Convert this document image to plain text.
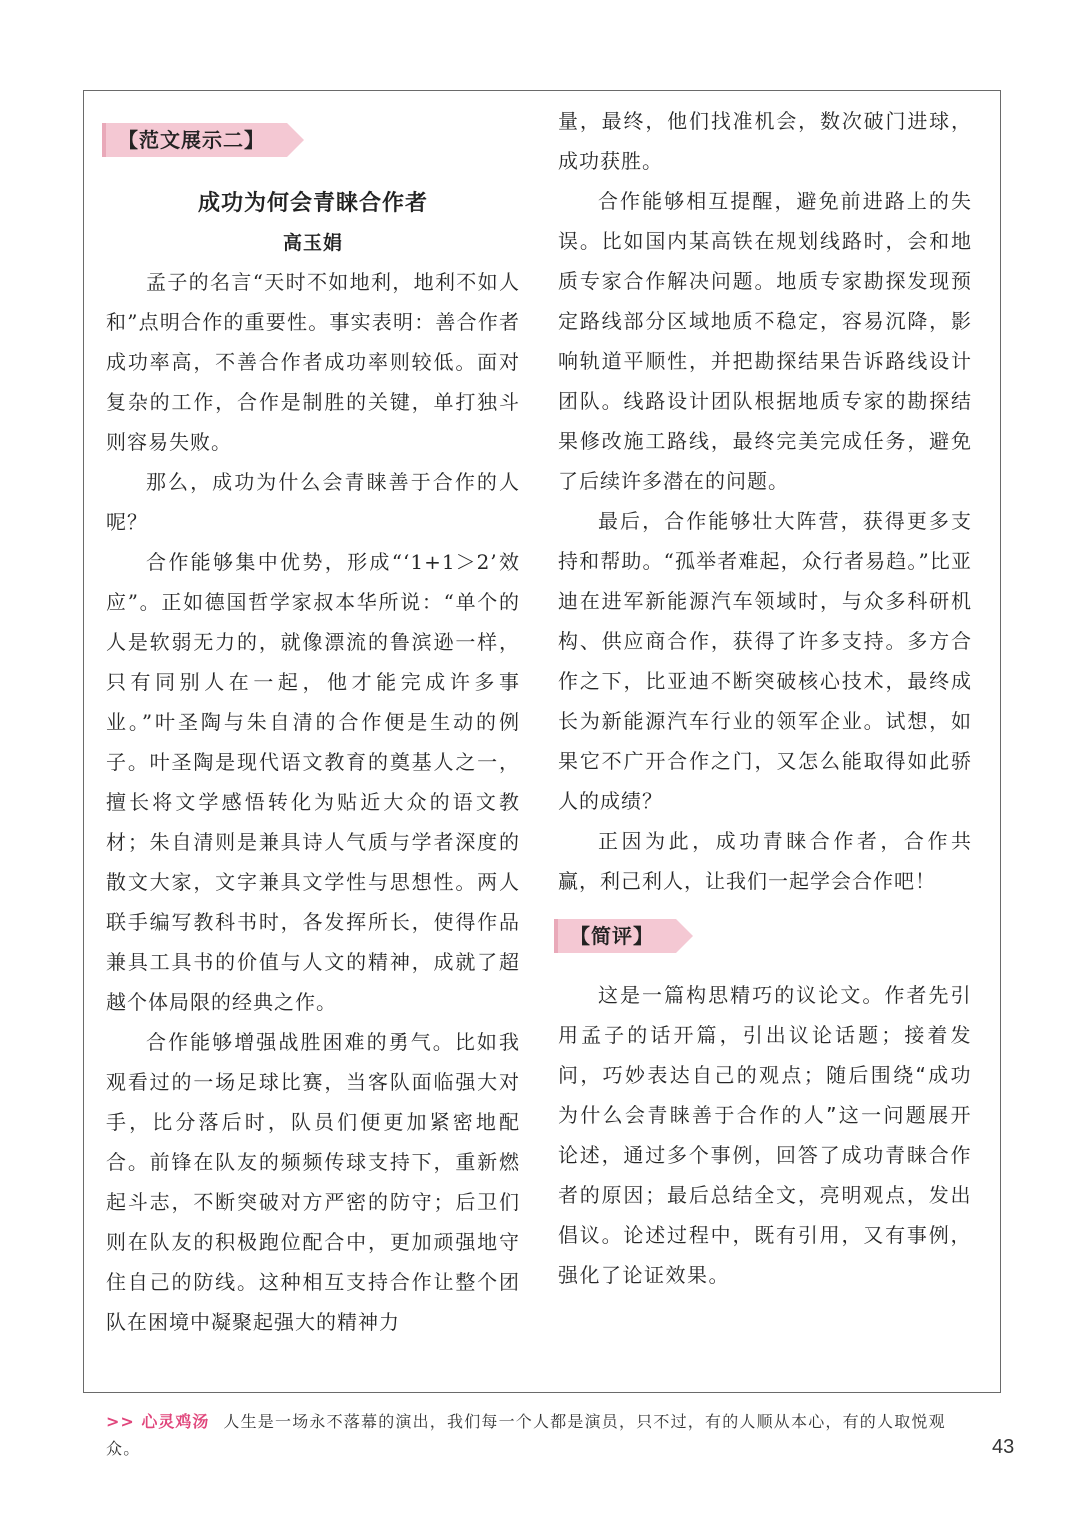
【范文展示二】
成功为何会青睐合作者
高玉娟

孟子的名言“天时不如地利，地利不如人和”点明合作的重要性。事实表明：善合作者成功率高，不善合作者成功率则较低。面对复杂的工作，合作是制胜的关键，单打独斗则容易失败。

那么，成功为什么会青睐善于合作的人呢？

合作能够集中优势，形成“‘1+1＞2’效应”。正如德国哲学家叔本华所说：“单个的人是软弱无力的，就像漂流的鲁滨逊一样，只有同别人在一起，他才能完成许多事业。”叶圣陶与朱自清的合作便是生动的例子。叶圣陶是现代语文教育的奠基人之一，擅长将文学感悟转化为贴近大众的语文教材；朱自清则是兼具诗人气质与学者深度的散文大家，文字兼具文学性与思想性。两人联手编写教科书时，各发挥所长，使得作品兼具工具书的价值与人文的精神，成就了超越个体局限的经典之作。

合作能够增强战胜困难的勇气。比如我观看过的一场足球比赛，当客队面临强大对手，比分落后时，队员们便更加紧密地配合。前锋在队友的频频传球支持下，重新燃起斗志，不断突破对方严密的防守；后卫们则在队友的积极跑位配合中，更加顽强地守住自己的防线。这种相互支持合作让整个团队在困境中凝聚起强大的精神力

量，最终，他们找准机会，数次破门进球，成功获胜。

合作能够相互提醒，避免前进路上的失误。比如国内某高铁在规划线路时，会和地质专家合作解决问题。地质专家勘探发现预定路线部分区域地质不稳定，容易沉降，影响轨道平顺性，并把勘探结果告诉路线设计团队。线路设计团队根据地质专家的勘探结果修改施工路线，最终完美完成任务，避免了后续许多潜在的问题。

最后，合作能够壮大阵营，获得更多支持和帮助。“孤举者难起，众行者易趋。”比亚迪在进军新能源汽车领域时，与众多科研机构、供应商合作，获得了许多支持。多方合作之下，比亚迪不断突破核心技术，最终成长为新能源汽车行业的领军企业。试想，如果它不广开合作之门，又怎么能取得如此骄人的成绩？

正因为此，成功青睐合作者，合作共赢，利己利人，让我们一起学会合作吧！

【简评】

这是一篇构思精巧的议论文。作者先引用孟子的话开篇，引出议论话题；接着发问，巧妙表达自己的观点；随后围绕“成功为什么会青睐善于合作的人”这一问题展开论述，通过多个事例，回答了成功青睐合作者的原因；最后总结全文，亮明观点，发出倡议。论述过程中，既有引用，又有事例，强化了论证效果。

>> 心灵鸡汤 人生是一场永不落幕的演出，我们每一个人都是演员，只不过，有的人顺从本心，有的人取悦观众。	43
